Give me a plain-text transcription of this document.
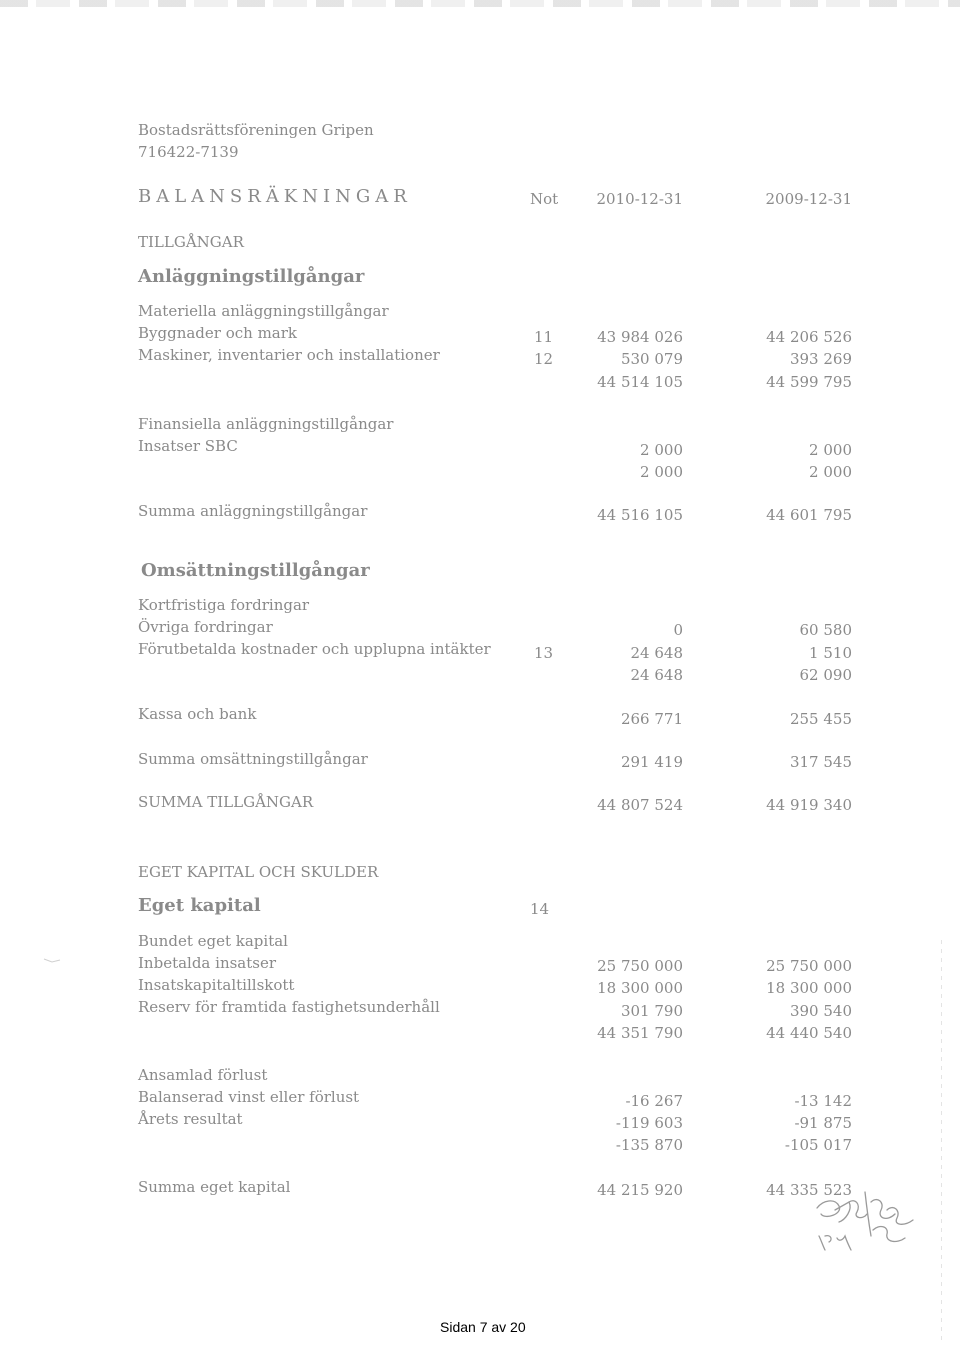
Bostadsrättsföreningen Gripen
716422-7139
BALANSRÄKNINGAR	Not	2010-12-31	2009-12-31
TILLGÅNGAR
Anläggningstillgångar
Materiella anläggningstillgångar
Byggnader och mark	11	43 984 026	44 206 526
Maskiner, inventarier och installationer	12	530 079	393 269
44 514 105	44 599 795
Finansiella anläggningstillgångar
Insatser SBC	2 000	2 000
2 000	2 000
Summa anläggningstillgångar	44 516 105	44 601 795
Omsättningstillgångar
Kortfristiga fordringar
Övriga fordringar	0	60 580
Förutbetalda kostnader och upplupna intäkter	13	24 648	1 510
24 648	62 090
Kassa och bank	266 771	255 455
Summa omsättningstillgångar	291 419	317 545
SUMMA TILLGÅNGAR	44 807 524	44 919 340
EGET KAPITAL OCH SKULDER
Eget kapital	14
Bundet eget kapital
Inbetalda insatser	25 750 000	25 750 000
Insatskapitaltillskott	18 300 000	18 300 000
Reserv för framtida fastighetsunderhåll	301 790	390 540
44 351 790	44 440 540
Ansamlad förlust
Balanserad vinst eller förlust	-16 267	-13 142
Årets resultat	-119 603	-91 875
-135 870	-105 017
Summa eget kapital	44 215 920	44 335 523
Sidan 7 av 20
